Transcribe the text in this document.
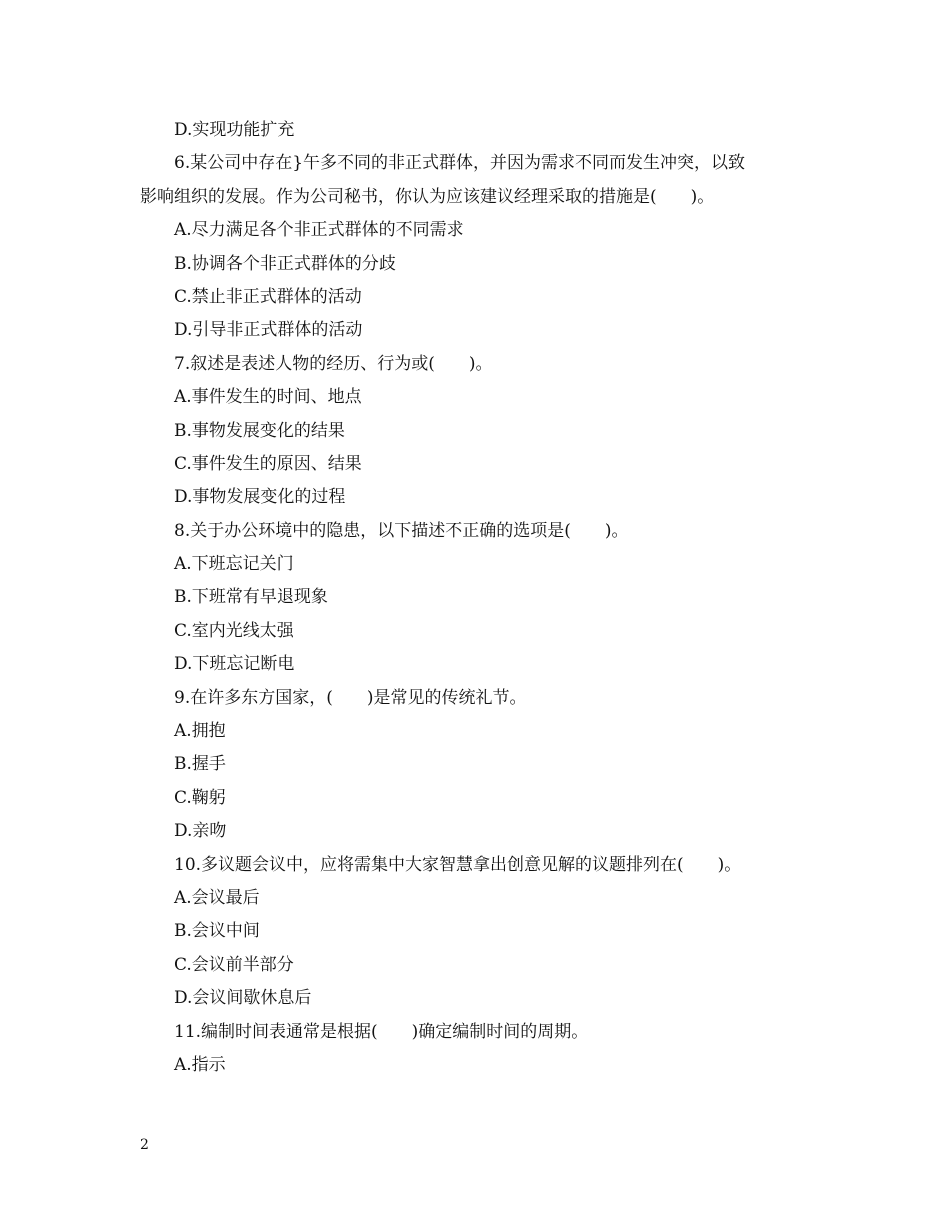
D.实现功能扩充
6.某公司中存在}午多不同的非正式群体，并因为需求不同而发生冲突，以致
影响组织的发展。作为公司秘书，你认为应该建议经理采取的措施是(　　)。
A.尽力满足各个非正式群体的不同需求
B.协调各个非正式群体的分歧
C.禁止非正式群体的活动
D.引导非正式群体的活动
7.叙述是表述人物的经历、行为或(　　)。
A.事件发生的时间、地点
B.事物发展变化的结果
C.事件发生的原因、结果
D.事物发展变化的过程
8.关于办公环境中的隐患，以下描述不正确的选项是(　　)。
A.下班忘记关门
B.下班常有早退现象
C.室内光线太强
D.下班忘记断电
9.在许多东方国家，(　　)是常见的传统礼节。
A.拥抱
B.握手
C.鞠躬
D.亲吻
10.多议题会议中，应将需集中大家智慧拿出创意见解的议题排列在(　　)。
A.会议最后
B.会议中间
C.会议前半部分
D.会议间歇休息后
11.编制时间表通常是根据(　　)确定编制时间的周期。
A.指示
2
